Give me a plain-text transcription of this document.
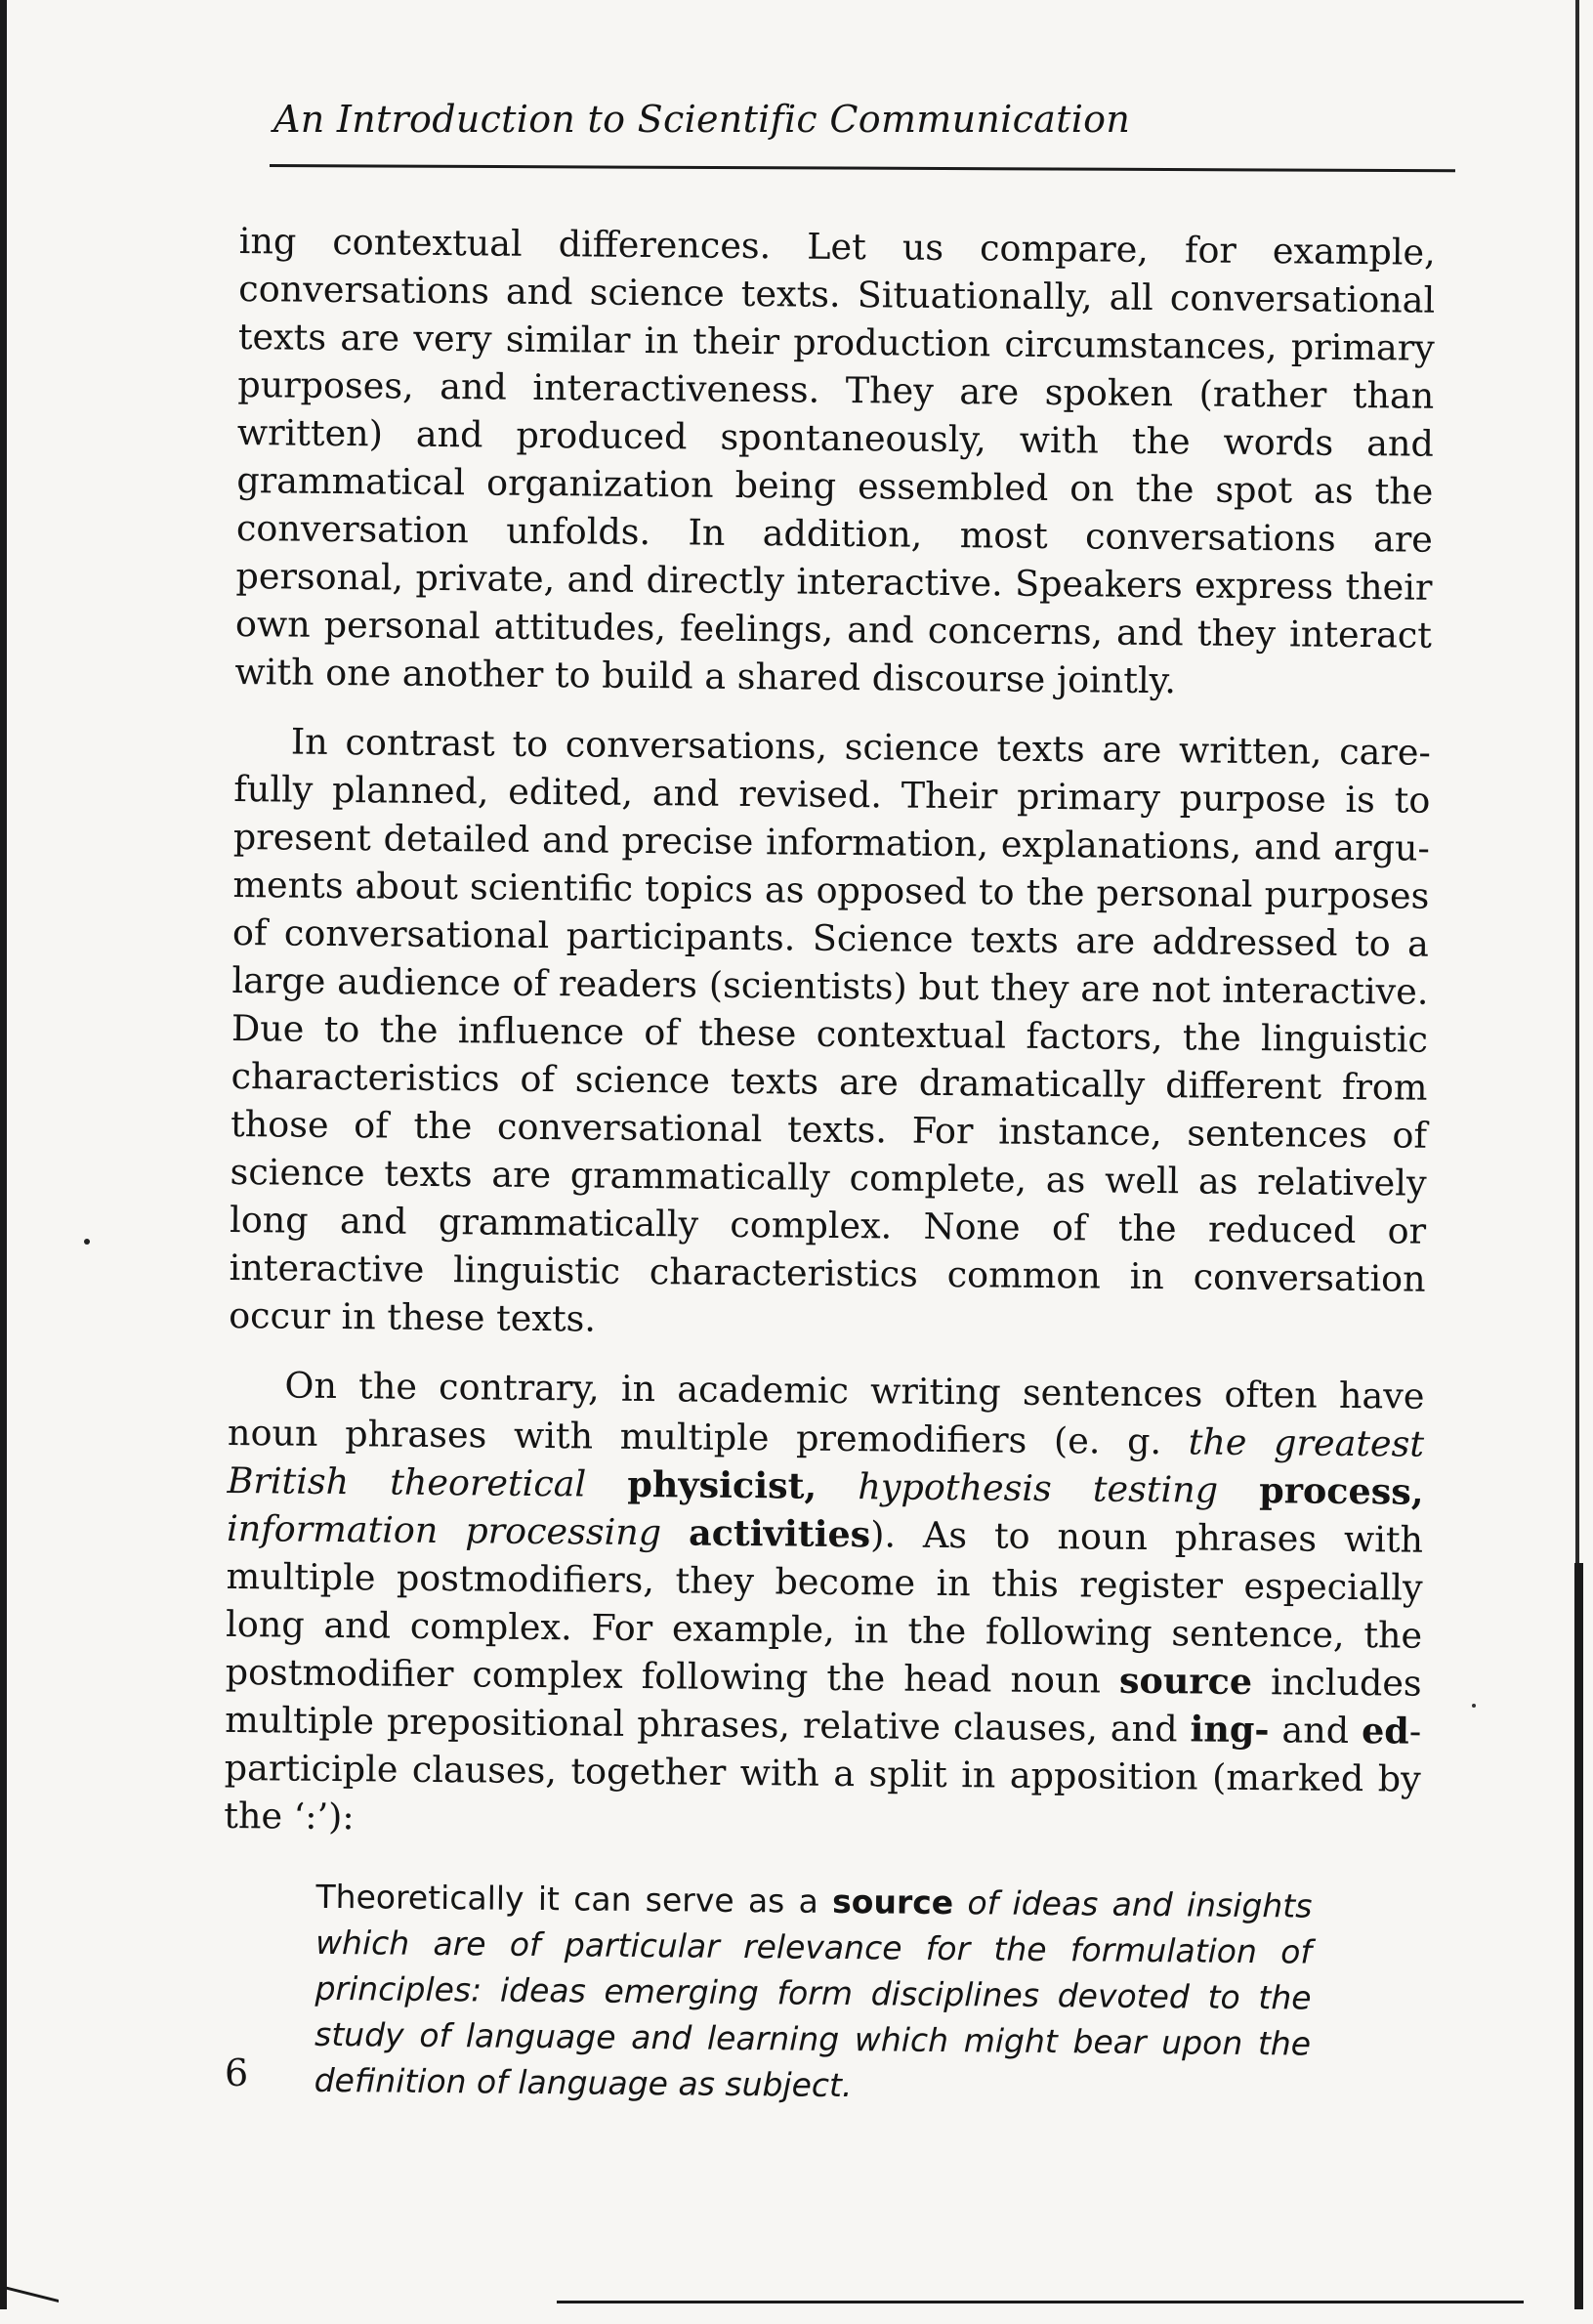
An Introduction to Scientific Communication

ing contextual differences. Let us compare, for example, conversations and science texts. Situationally, all conversational texts are very similar in their production circumstances, primary purposes, and interactiveness. They are spoken (rather than written) and produced spontaneously, with the words and grammatical organization being essembled on the spot as the conversation unfolds. In addition, most conversations are personal, private, and directly interactive. Speakers express their own personal attitudes, feelings, and concerns, and they interact with one another to build a shared discourse jointly.

In contrast to conversations, science texts are written, carefully planned, edited, and revised. Their primary purpose is to present detailed and precise information, explanations, and arguments about scientific topics as opposed to the personal purposes of conversational participants. Science texts are addressed to a large audience of readers (scientists) but they are not interactive. Due to the influence of these contextual factors, the linguistic characteristics of science texts are dramatically different from those of the conversational texts. For instance, sentences of science texts are grammatically complete, as well as relatively long and grammatically complex. None of the reduced or interactive linguistic characteristics common in conversation occur in these texts.

On the contrary, in academic writing sentences often have noun phrases with multiple premodifiers (e. g. the greatest British theoretical physicist, hypothesis testing process, information processing activities). As to noun phrases with multiple postmodifiers, they become in this register especially long and complex. For example, in the following sentence, the postmodifier complex following the head noun source includes multiple prepositional phrases, relative clauses, and ing- and ed-participle clauses, together with a split in apposition (marked by the ‘:’):

Theoretically it can serve as a source of ideas and insights which are of particular relevance for the formulation of principles: ideas emerging form disciplines devoted to the study of language and learning which might bear upon the definition of language as subject.

6
